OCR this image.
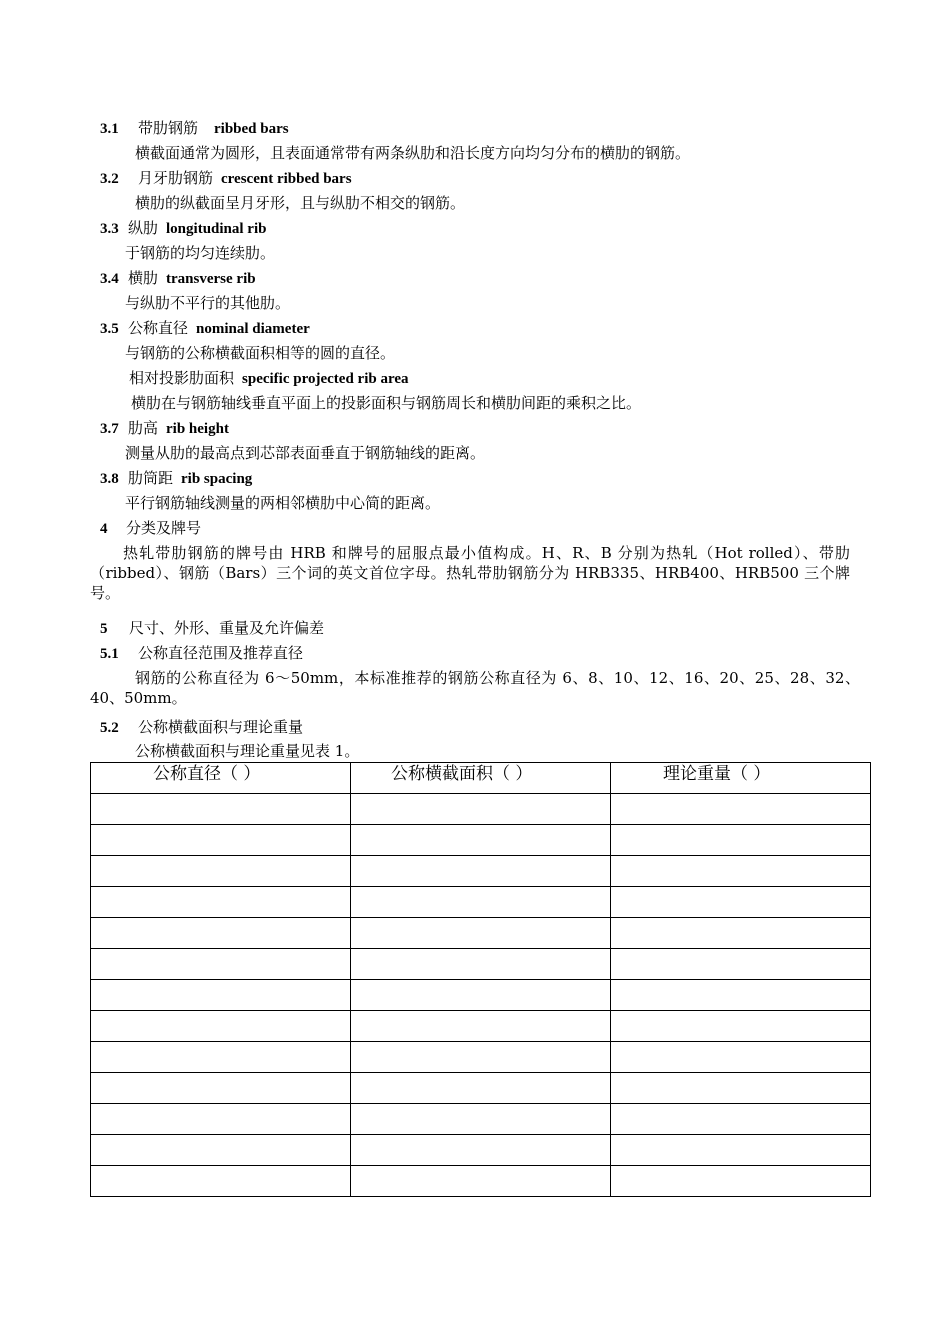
3.1 带肋钢筋 ribbed bars
横截面通常为圆形，且表面通常带有两条纵肋和沿长度方向均匀分布的横肋的钢筋。
3.2 月牙肋钢筋 crescent ribbed bars
横肋的纵截面呈月牙形，且与纵肋不相交的钢筋。
3.3 纵肋 longitudinal rib
于钢筋的均匀连续肋。
3.4 横肋 transverse rib
与纵肋不平行的其他肋。
3.5 公称直径 nominal diameter
与钢筋的公称横截面积相等的圆的直径。
相对投影肋面积 specific projected rib area
横肋在与钢筋轴线垂直平面上的投影面积与钢筋周长和横肋间距的乘积之比。
3.7 肋高 rib height
测量从肋的最高点到芯部表面垂直于钢筋轴线的距离。
3.8 肋筒距 rib spacing
平行钢筋轴线测量的两相邻横肋中心简的距离。
4 分类及牌号
热轧带肋钢筋的牌号由 HRB 和牌号的屈服点最小值构成。H、R、B 分别为热轧（Hot rolled）、带肋（ribbed）、钢筋（Bars）三个词的英文首位字母。热轧带肋钢筋分为 HRB335、HRB400、HRB500 三个牌号。
5 尺寸、外形、重量及允许偏差
5.1 公称直径范围及推荐直径
钢筋的公称直径为 6～50mm，本标准推荐的钢筋公称直径为 6、8、10、12、16、20、25、28、32、40、50mm。
5.2 公称横截面积与理论重量
公称横截面积与理论重量见表 1。
公称直径（ ）	公称横截面积（ ）	理论重量（ ）
